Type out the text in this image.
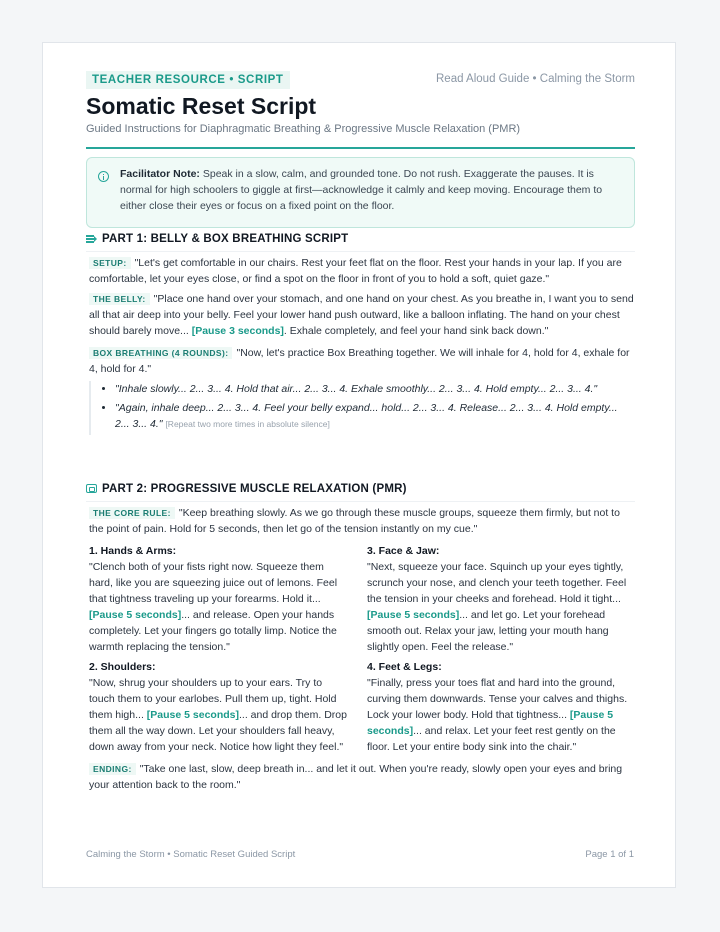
TEACHER RESOURCE • SCRIPT	Read Aloud Guide • Calming the Storm
Somatic Reset Script
Guided Instructions for Diaphragmatic Breathing & Progressive Muscle Relaxation (PMR)
Facilitator Note: Speak in a slow, calm, and grounded tone. Do not rush. Exaggerate the pauses. It is normal for high schoolers to giggle at first—acknowledge it calmly and keep moving. Encourage them to either close their eyes or focus on a fixed point on the floor.
PART 1: BELLY & BOX BREATHING SCRIPT
SETUP: "Let's get comfortable in our chairs. Rest your feet flat on the floor. Rest your hands in your lap. If you are comfortable, let your eyes close, or find a spot on the floor in front of you to hold a soft, quiet gaze."
THE BELLY: "Place one hand over your stomach, and one hand on your chest. As you breathe in, I want you to send all that air deep into your belly. Feel your lower hand push outward, like a balloon inflating. The hand on your chest should barely move... [Pause 3 seconds]. Exhale completely, and feel your hand sink back down."
BOX BREATHING (4 ROUNDS): "Now, let's practice Box Breathing together. We will inhale for 4, hold for 4, exhale for 4, hold for 4."
• "Inhale slowly... 2... 3... 4. Hold that air... 2... 3... 4. Exhale smoothly... 2... 3... 4. Hold empty... 2... 3... 4."
• "Again, inhale deep... 2... 3... 4. Feel your belly expand... hold... 2... 3... 4. Release... 2... 3... 4. Hold empty... 2... 3... 4." [Repeat two more times in absolute silence]
PART 2: PROGRESSIVE MUSCLE RELAXATION (PMR)
THE CORE RULE: "Keep breathing slowly. As we go through these muscle groups, squeeze them firmly, but not to the point of pain. Hold for 5 seconds, then let go of the tension instantly on my cue."
1. Hands & Arms:
"Clench both of your fists right now. Squeeze them hard, like you are squeezing juice out of lemons. Feel that tightness traveling up your forearms. Hold it... [Pause 5 seconds]... and release. Open your hands completely. Let your fingers go totally limp. Notice the warmth replacing the tension."
2. Shoulders:
"Now, shrug your shoulders up to your ears. Try to touch them to your earlobes. Pull them up, tight. Hold them high... [Pause 5 seconds]... and drop them. Drop them all the way down. Let your shoulders fall heavy, down away from your neck. Notice how light they feel."
3. Face & Jaw:
"Next, squeeze your face. Squinch up your eyes tightly, scrunch your nose, and clench your teeth together. Feel the tension in your cheeks and forehead. Hold it tight... [Pause 5 seconds]... and let go. Let your forehead smooth out. Relax your jaw, letting your mouth hang slightly open. Feel the release."
4. Feet & Legs:
"Finally, press your toes flat and hard into the ground, curving them downwards. Tense your calves and thighs. Lock your lower body. Hold that tightness... [Pause 5 seconds]... and relax. Let your feet rest gently on the floor. Let your entire body sink into the chair."
ENDING: "Take one last, slow, deep breath in... and let it out. When you're ready, slowly open your eyes and bring your attention back to the room."
Calming the Storm • Somatic Reset Guided Script	Page 1 of 1
